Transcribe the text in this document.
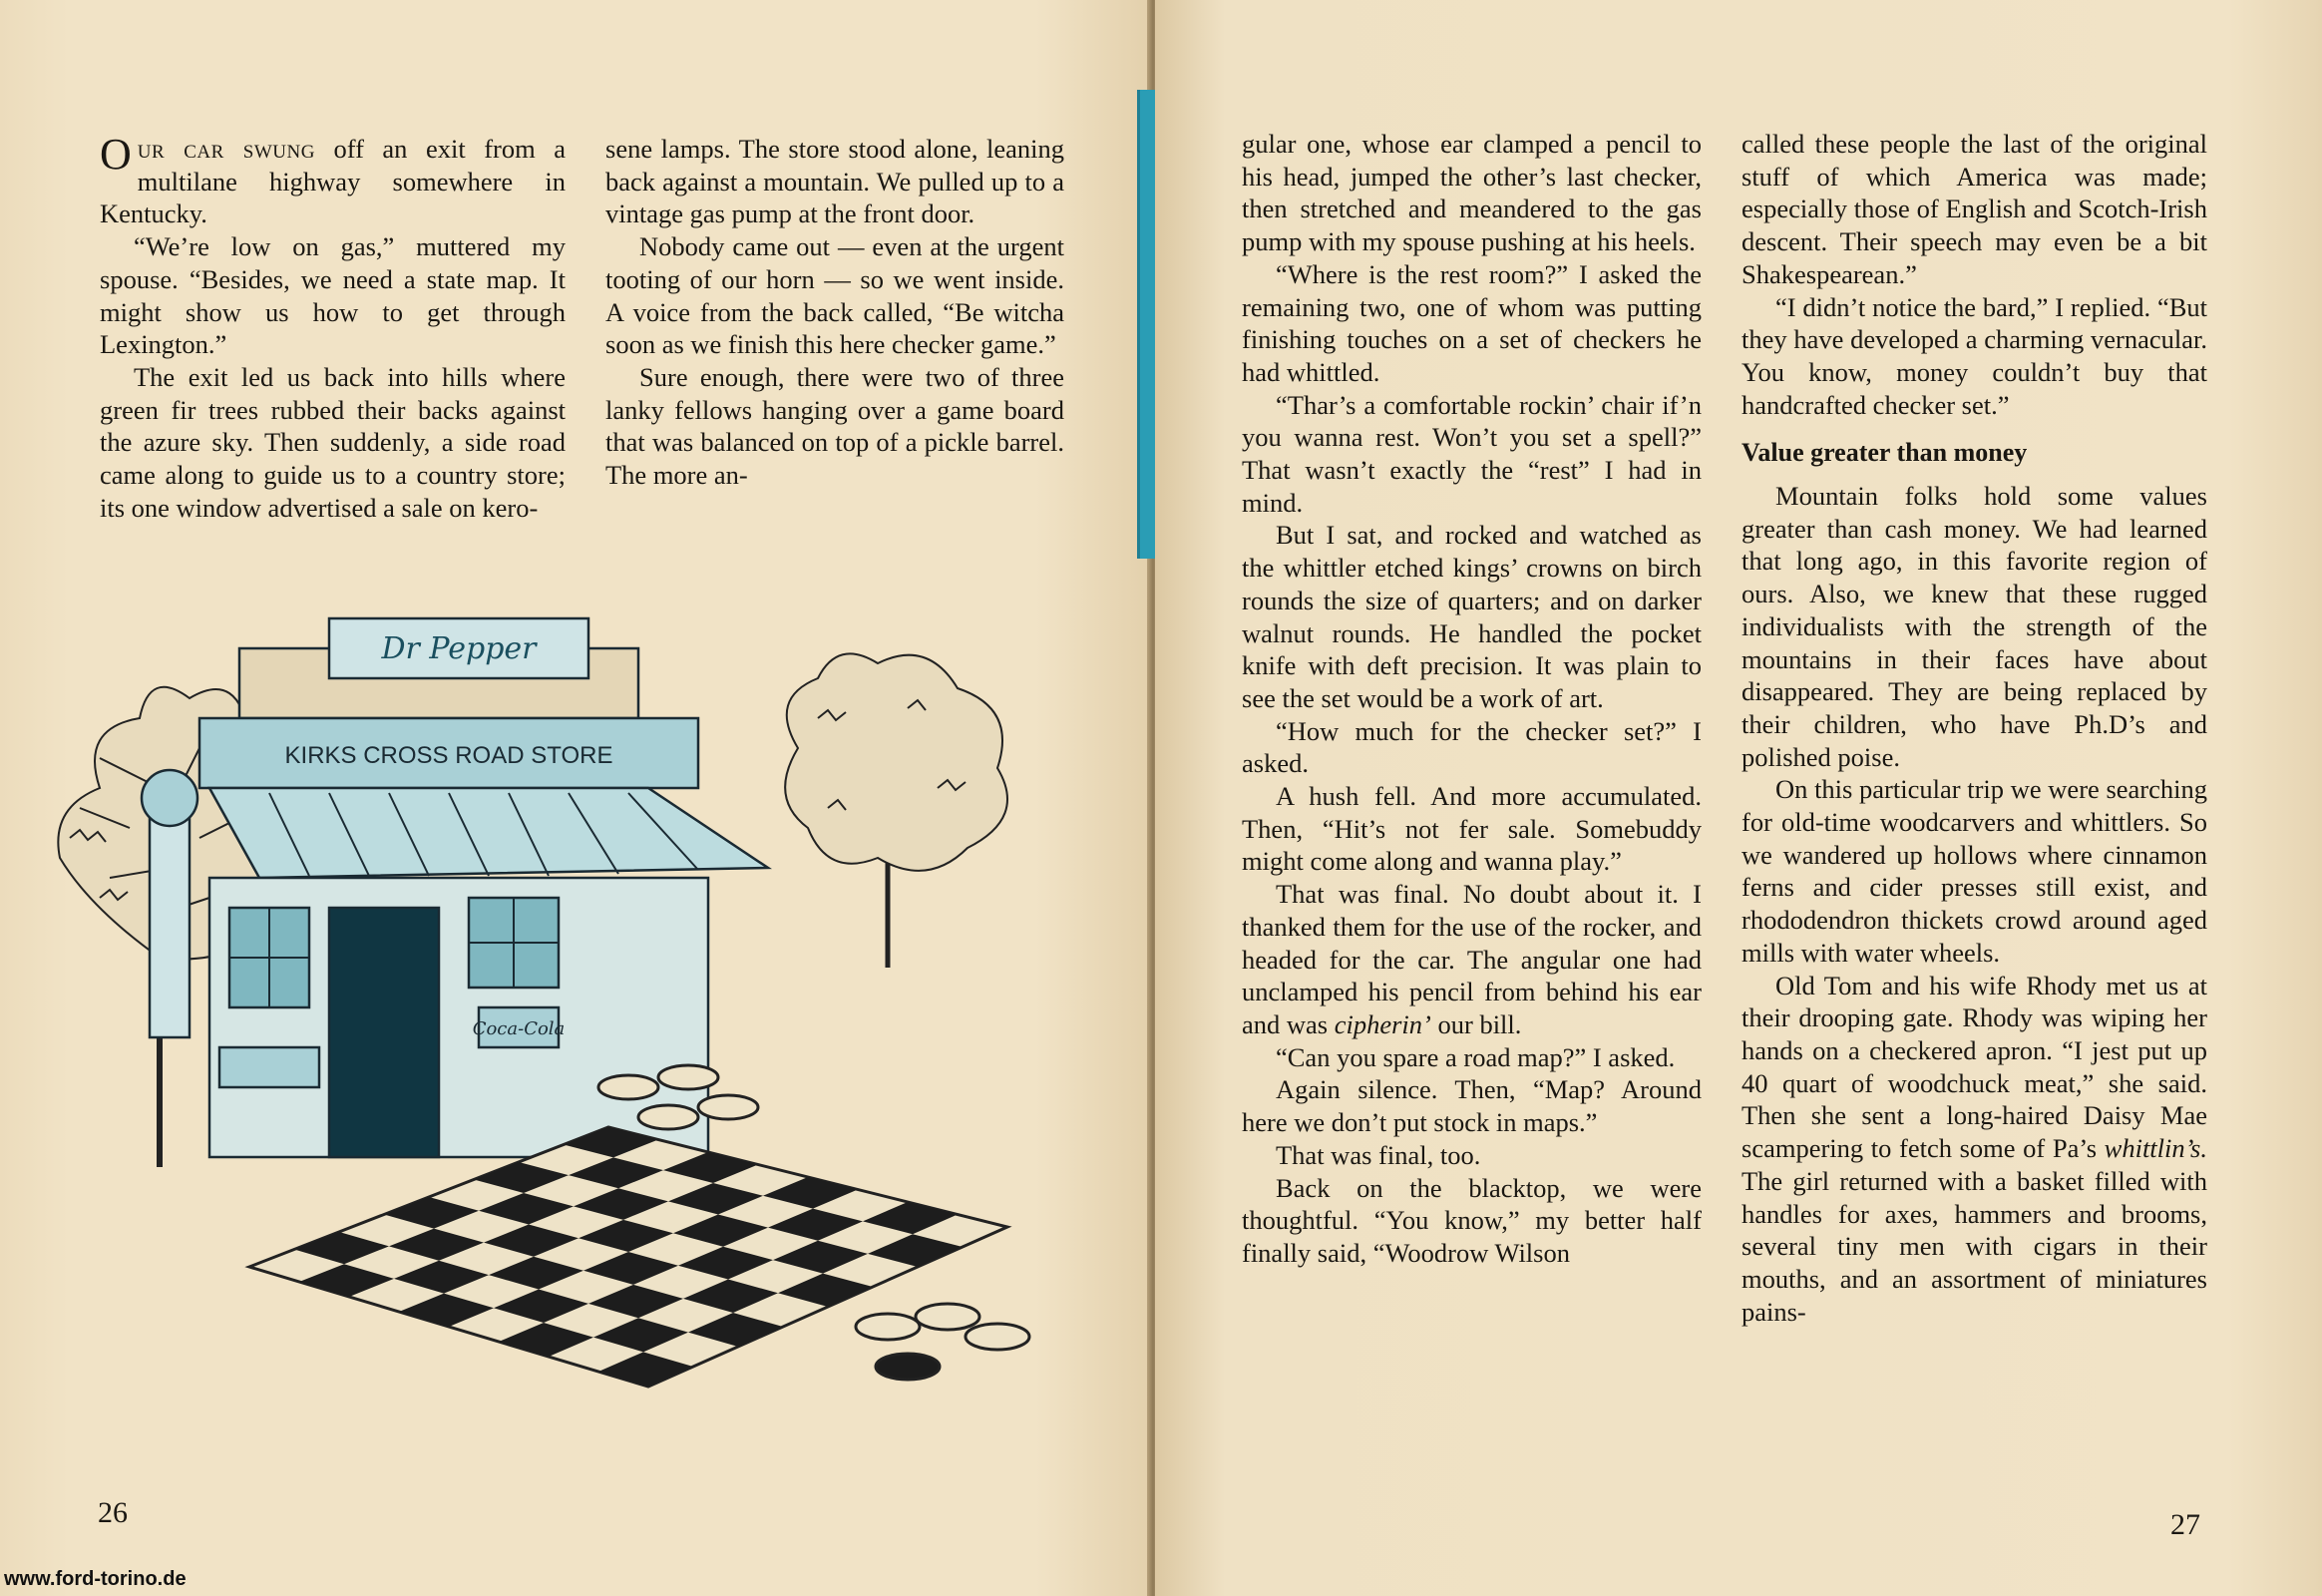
Our car swung off an exit from a multilane highway somewhere in Kentucky.

“We’re low on gas,” muttered my spouse. “Besides, we need a state map. It might show us how to get through Lexington.”

The exit led us back into hills where green fir trees rubbed their backs against the azure sky. Then suddenly, a side road came along to guide us to a country store; its one window advertised a sale on kero-

sene lamps. The store stood alone, leaning back against a mountain. We pulled up to a vintage gas pump at the front door.

Nobody came out — even at the urgent tooting of our horn — so we went inside. A voice from the back called, “Be witcha soon as we finish this here checker game.”

Sure enough, there were two of three lanky fellows hanging over a game board that was balanced on top of a pickle barrel. The more an-

Dr Pepper
KIRKS CROSS ROAD STORE
Coca-Cola
26

gular one, whose ear clamped a pencil to his head, jumped the other’s last checker, then stretched and meandered to the gas pump with my spouse pushing at his heels.

“Where is the rest room?” I asked the remaining two, one of whom was putting finishing touches on a set of checkers he had whittled.

“Thar’s a comfortable rockin’ chair if’n you wanna rest. Won’t you set a spell?” That wasn’t exactly the “rest” I had in mind.

But I sat, and rocked and watched as the whittler etched kings’ crowns on birch rounds the size of quarters; and on darker walnut rounds. He handled the pocket knife with deft precision. It was plain to see the set would be a work of art.

“How much for the checker set?” I asked.

A hush fell. And more accumulated. Then, “Hit’s not fer sale. Somebuddy might come along and wanna play.”

That was final. No doubt about it. I thanked them for the use of the rocker, and headed for the car. The angular one had unclamped his pencil from behind his ear and was cipherin’ our bill.

“Can you spare a road map?” I asked.

Again silence. Then, “Map? Around here we don’t put stock in maps.”

That was final, too.

Back on the blacktop, we were thoughtful. “You know,” my better half finally said, “Woodrow Wilson

called these people the last of the original stuff of which America was made; especially those of English and Scotch-Irish descent. Their speech may even be a bit Shakespearean.”

“I didn’t notice the bard,” I replied. “But they have developed a charming vernacular. You know, money couldn’t buy that handcrafted checker set.”

Value greater than money

Mountain folks hold some values greater than cash money. We had learned that long ago, in this favorite region of ours. Also, we knew that these rugged individualists with the strength of the mountains in their faces have about disappeared. They are being replaced by their children, who have Ph.D’s and polished poise.

On this particular trip we were searching for old-time woodcarvers and whittlers. So we wandered up hollows where cinnamon ferns and cider presses still exist, and rhododendron thickets crowd around aged mills with water wheels.

Old Tom and his wife Rhody met us at their drooping gate. Rhody was wiping her hands on a checkered apron. “I jest put up 40 quart of woodchuck meat,” she said. Then she sent a long-haired Daisy Mae scampering to fetch some of Pa’s whittlin’s. The girl returned with a basket filled with handles for axes, hammers and brooms, several tiny men with cigars in their mouths, and an assortment of miniatures pains-

27
www.ford-torino.de
